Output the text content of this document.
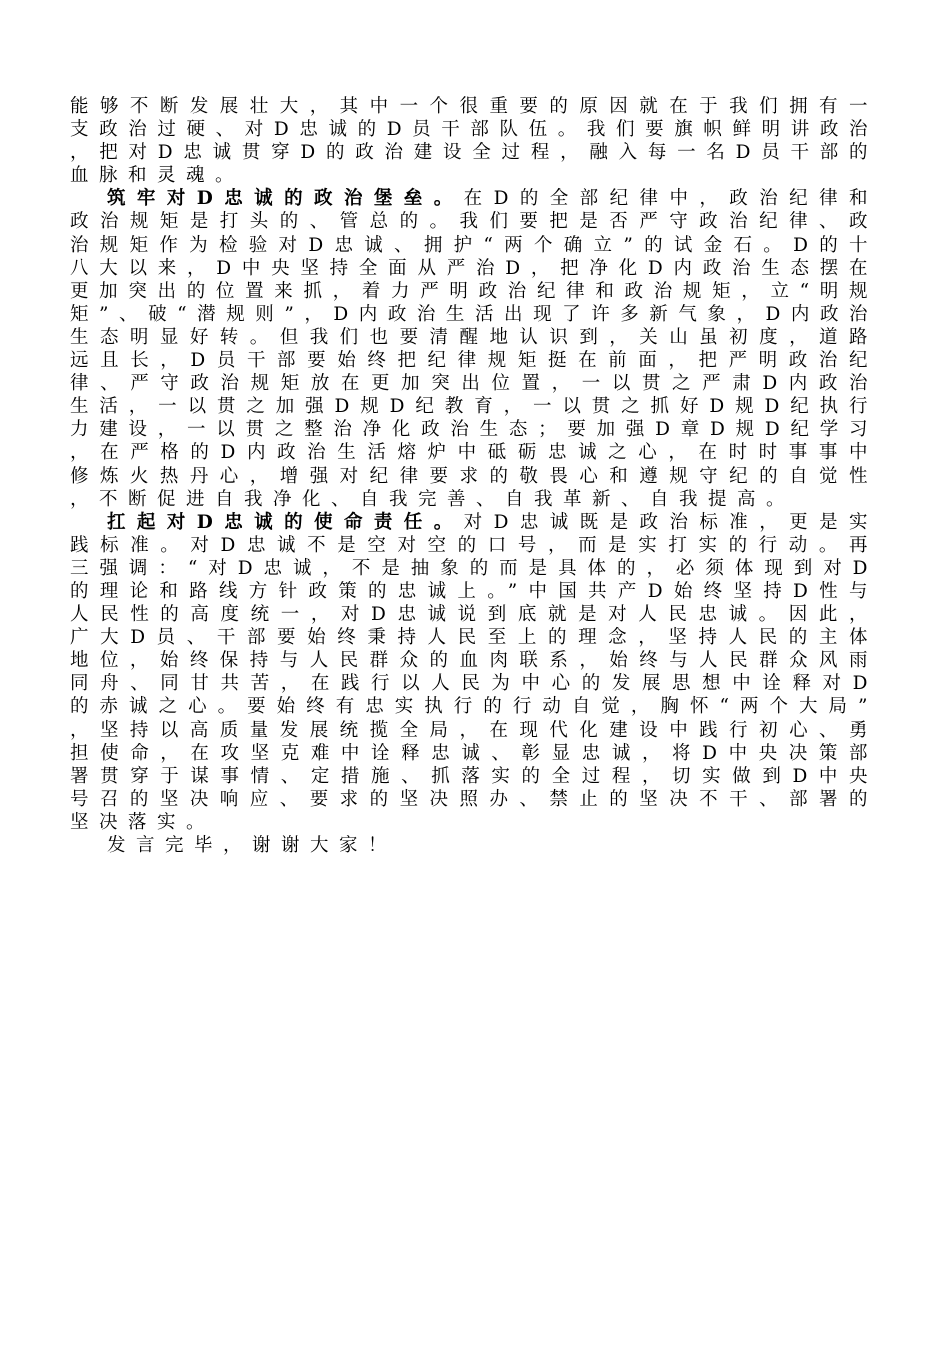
能够不断发展壮大，其中一个很重要的原因就在于我们拥有一支政治过硬、对D忠诚的D员干部队伍。我们要旗帜鲜明讲政治，把对D忠诚贯穿D的政治建设全过程，融入每一名D员干部的血脉和灵魂。

筑牢对D忠诚的政治堡垒。在D的全部纪律中，政治纪律和政治规矩是打头的、管总的。我们要把是否严守政治纪律、政治规矩作为检验对D忠诚、拥护“两个确立”的试金石。D的十八大以来，D中央坚持全面从严治D，把净化D内政治生态摆在更加突出的位置来抓，着力严明政治纪律和政治规矩，立“明规矩”、破“潜规则”，D内政治生活出现了许多新气象，D内政治生态明显好转。但我们也要清醒地认识到，关山虽初度，道路远且长，D员干部要始终把纪律规矩挺在前面，把严明政治纪律、严守政治规矩放在更加突出位置，一以贯之严肃D内政治生活，一以贯之加强D规D纪教育，一以贯之抓好D规D纪执行力建设，一以贯之整治净化政治生态；要加强D章D规D纪学习，在严格的D内政治生活熔炉中砥砺忠诚之心，在时时事事中修炼火热丹心，增强对纪律要求的敬畏心和遵规守纪的自觉性，不断促进自我净化、自我完善、自我革新、自我提高。

扛起对D忠诚的使命责任。对D忠诚既是政治标准，更是实践标准。对D忠诚不是空对空的口号，而是实打实的行动。再三强调：“对D忠诚，不是抽象的而是具体的，必须体现到对D的理论和路线方针政策的忠诚上。”中国共产D始终坚持D性与人民性的高度统一，对D忠诚说到底就是对人民忠诚。因此，广大D员、干部要始终秉持人民至上的理念，坚持人民的主体地位，始终保持与人民群众的血肉联系，始终与人民群众风雨同舟、同甘共苦，在践行以人民为中心的发展思想中诠释对D的赤诚之心。要始终有忠实执行的行动自觉，胸怀“两个大局”，坚持以高质量发展统揽全局，在现代化建设中践行初心、勇担使命，在攻坚克难中诠释忠诚、彰显忠诚，将D中央决策部署贯穿于谋事情、定措施、抓落实的全过程，切实做到D中央号召的坚决响应、要求的坚决照办、禁止的坚决不干、部署的坚决落实。

发言完毕，谢谢大家！
